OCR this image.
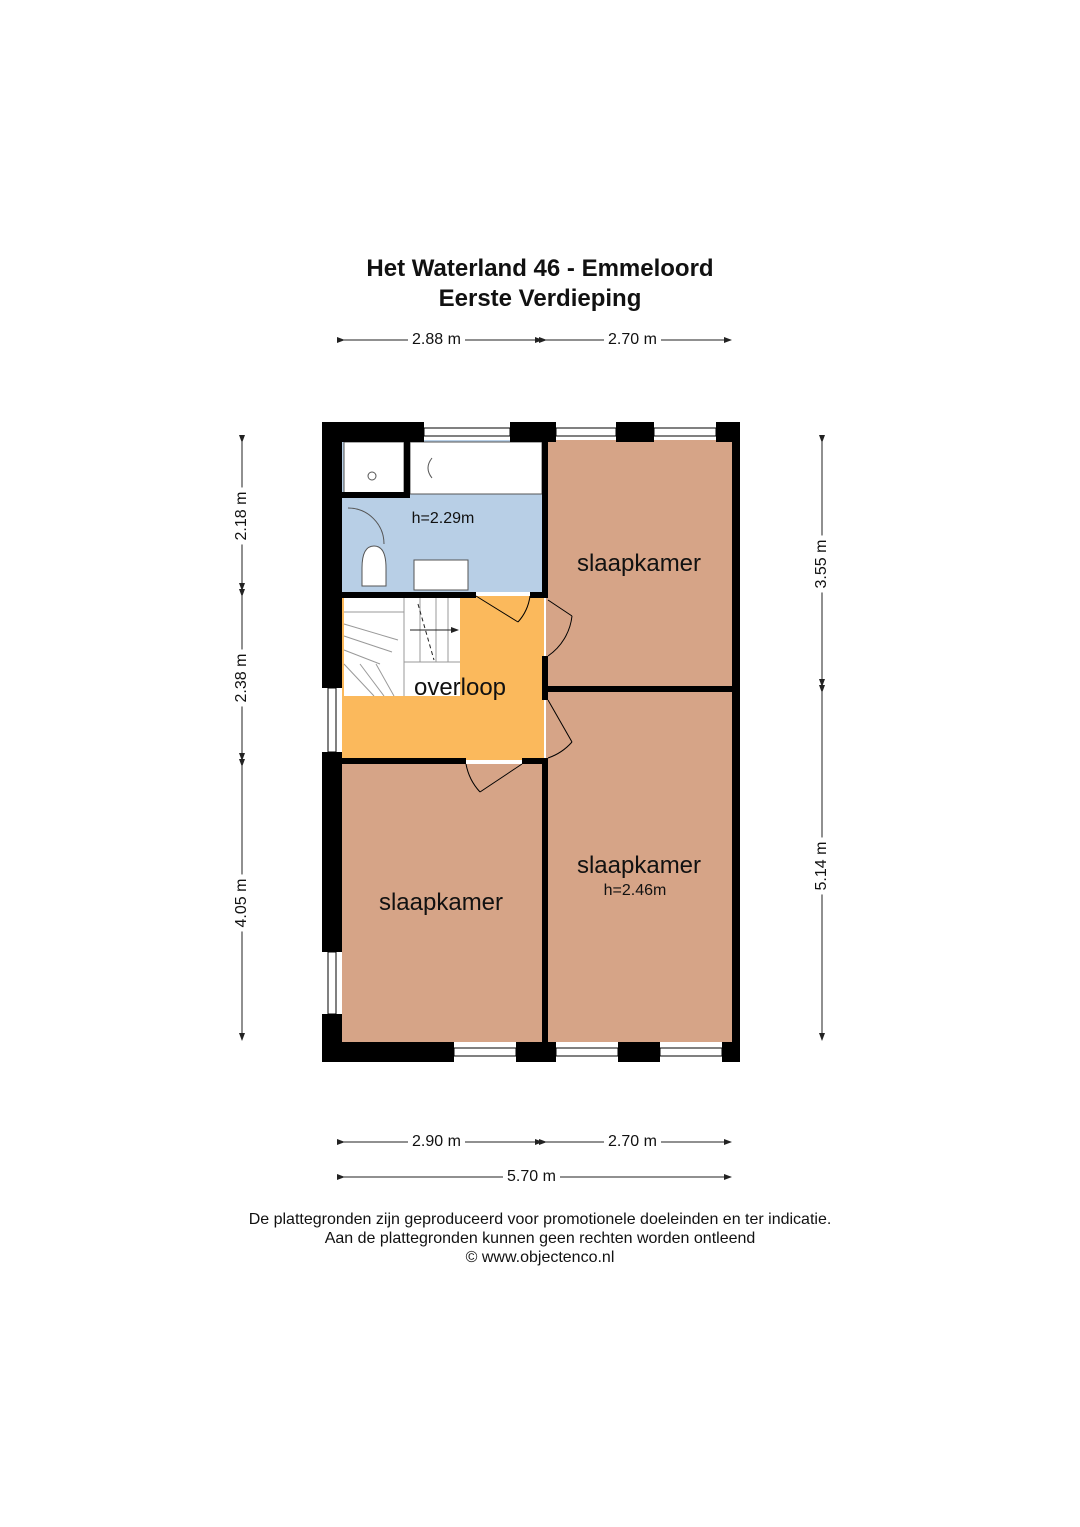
Het Waterland 46 - Emmeloord
Eerste Verdieping
2.88 m	2.70 m
2.90 m	2.70 m
5.70 m
2.18 m
2.38 m
4.05 m
3.55 m
5.14 m
h=2.29m
overloop
slaapkamer
slaapkamer
slaapkamer
h=2.46m
De plattegronden zijn geproduceerd voor promotionele doeleinden en ter indicatie.
Aan de plattegronden kunnen geen rechten worden ontleend
© www.objectenco.nl
